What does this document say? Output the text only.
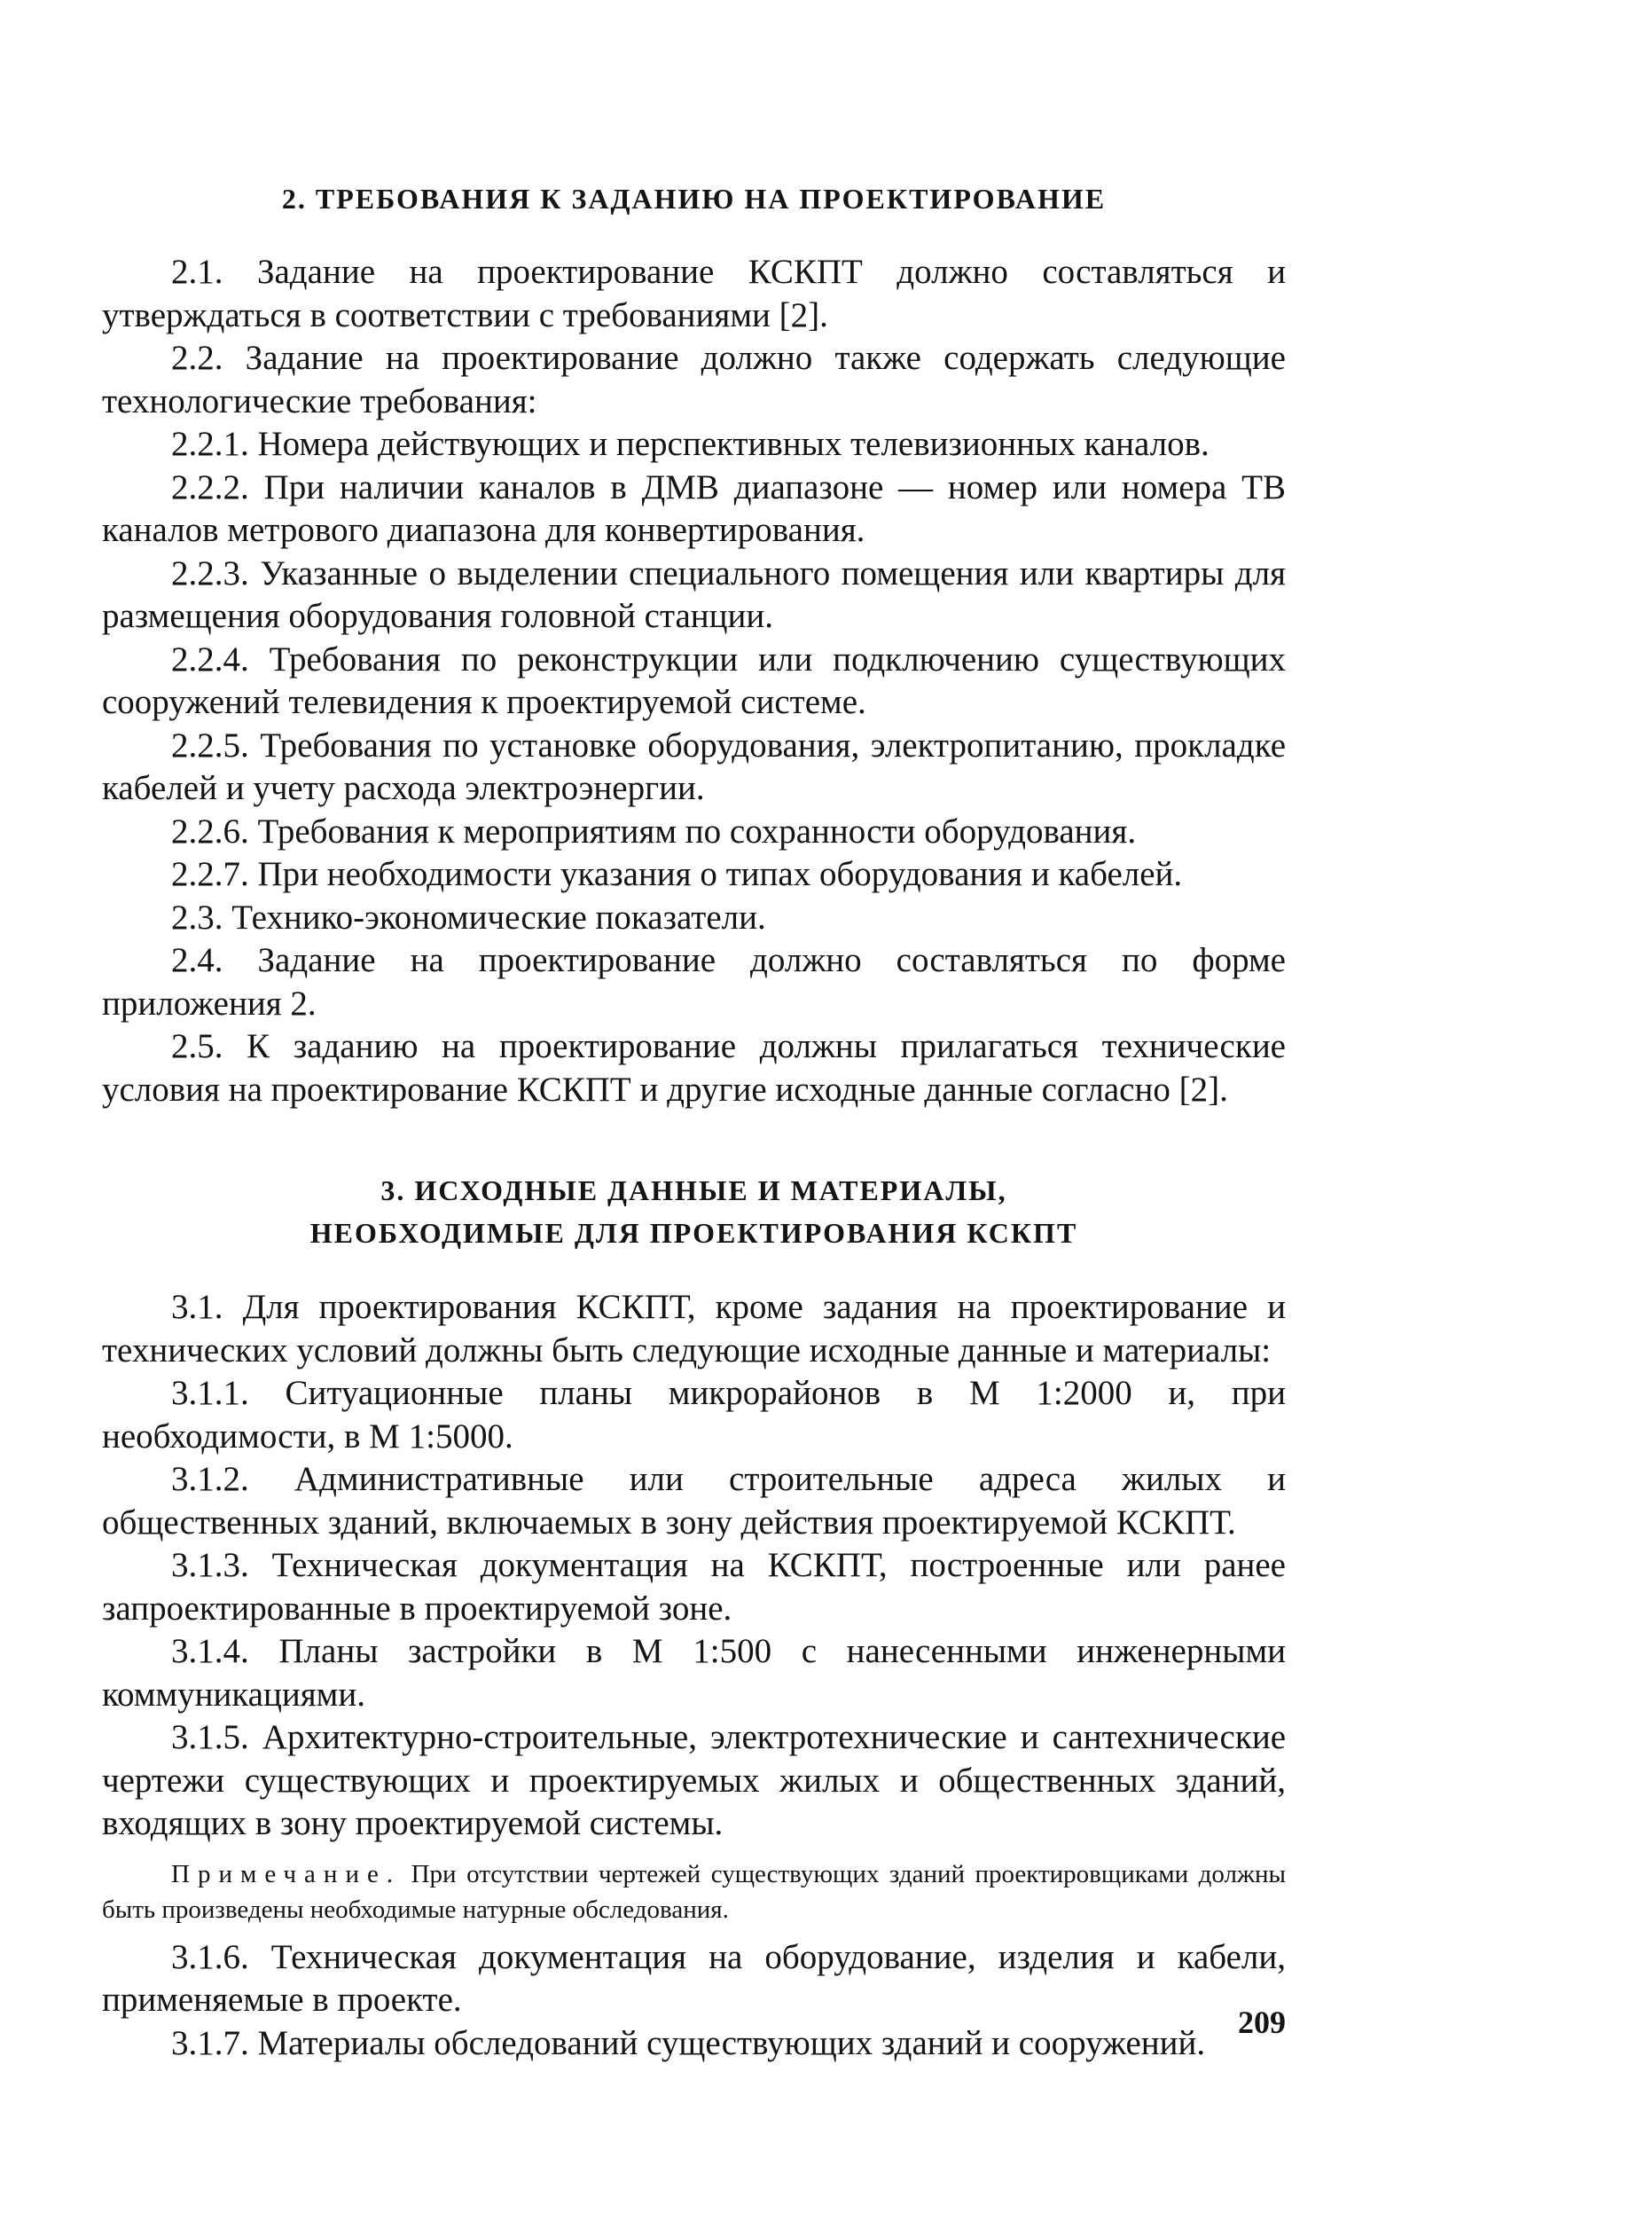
2. ТРЕБОВАНИЯ К ЗАДАНИЮ НА ПРОЕКТИРОВАНИЕ

2.1. Задание на проектирование КСКПТ должно составляться и утверждаться в соответствии с требованиями [2].

2.2. Задание на проектирование должно также содержать следующие технологические требования:

2.2.1. Номера действующих и перспективных телевизионных каналов.

2.2.2. При наличии каналов в ДМВ диапазоне — номер или номера ТВ каналов метрового диапазона для конвертирования.

2.2.3. Указанные о выделении специального помещения или квартиры для размещения оборудования головной станции.

2.2.4. Требования по реконструкции или подключению существующих сооружений телевидения к проектируемой системе.

2.2.5. Требования по установке оборудования, электропитанию, прокладке кабелей и учету расхода электроэнергии.

2.2.6. Требования к мероприятиям по сохранности оборудования.

2.2.7. При необходимости указания о типах оборудования и кабелей.

2.3. Технико-экономические показатели.

2.4. Задание на проектирование должно составляться по форме приложения 2.

2.5. К заданию на проектирование должны прилагаться технические условия на проектирование КСКПТ и другие исходные данные согласно [2].

3. ИСХОДНЫЕ ДАННЫЕ И МАТЕРИАЛЫ,
НЕОБХОДИМЫЕ ДЛЯ ПРОЕКТИРОВАНИЯ КСКПТ

3.1. Для проектирования КСКПТ, кроме задания на проектирование и технических условий должны быть следующие исходные данные и материалы:

3.1.1. Ситуационные планы микрорайонов в М 1:2000 и, при необходимости, в М 1:5000.

3.1.2. Административные или строительные адреса жилых и общественных зданий, включаемых в зону действия проектируемой КСКПТ.

3.1.3. Техническая документация на КСКПТ, построенные или ранее запроектированные в проектируемой зоне.

3.1.4. Планы застройки в М 1:500 с нанесенными инженерными коммуникациями.

3.1.5. Архитектурно-строительные, электротехнические и сантехнические чертежи существующих и проектируемых жилых и общественных зданий, входящих в зону проектируемой системы.

Примечание. При отсутствии чертежей существующих зданий проектировщиками должны быть произведены необходимые натурные обследования.

3.1.6. Техническая документация на оборудование, изделия и кабели, применяемые в проекте.

3.1.7. Материалы обследований существующих зданий и сооружений.

209
